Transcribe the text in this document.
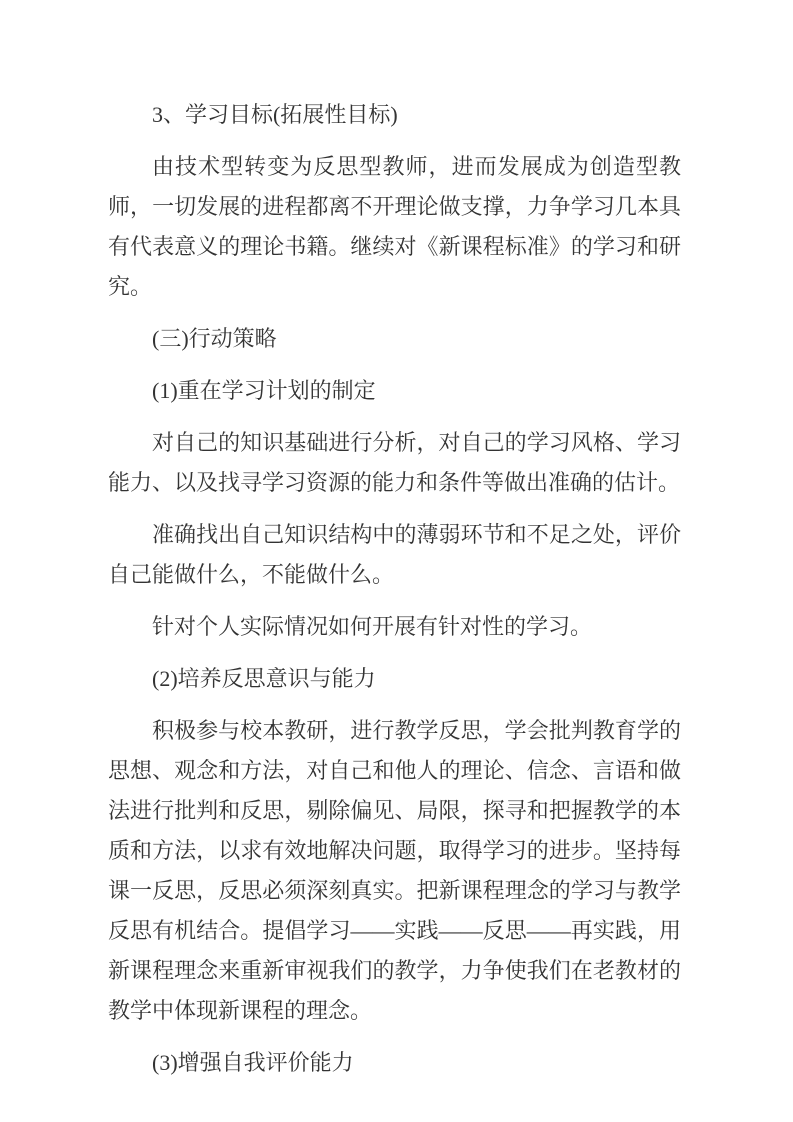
3、学习目标(拓展性目标)

由技术型转变为反思型教师，进而发展成为创造型教师，一切发展的进程都离不开理论做支撑，力争学习几本具有代表意义的理论书籍。继续对《新课程标准》的学习和研究。

(三)行动策略

(1)重在学习计划的制定

对自己的知识基础进行分析，对自己的学习风格、学习能力、以及找寻学习资源的能力和条件等做出准确的估计。

准确找出自己知识结构中的薄弱环节和不足之处，评价自己能做什么，不能做什么。

针对个人实际情况如何开展有针对性的学习。

(2)培养反思意识与能力

积极参与校本教研，进行教学反思，学会批判教育学的思想、观念和方法，对自己和他人的理论、信念、言语和做法进行批判和反思，剔除偏见、局限，探寻和把握教学的本质和方法，以求有效地解决问题，取得学习的进步。坚持每课一反思，反思必须深刻真实。把新课程理念的学习与教学反思有机结合。提倡学习——实践——反思——再实践，用新课程理念来重新审视我们的教学，力争使我们在老教材的教学中体现新课程的理念。

(3)增强自我评价能力
